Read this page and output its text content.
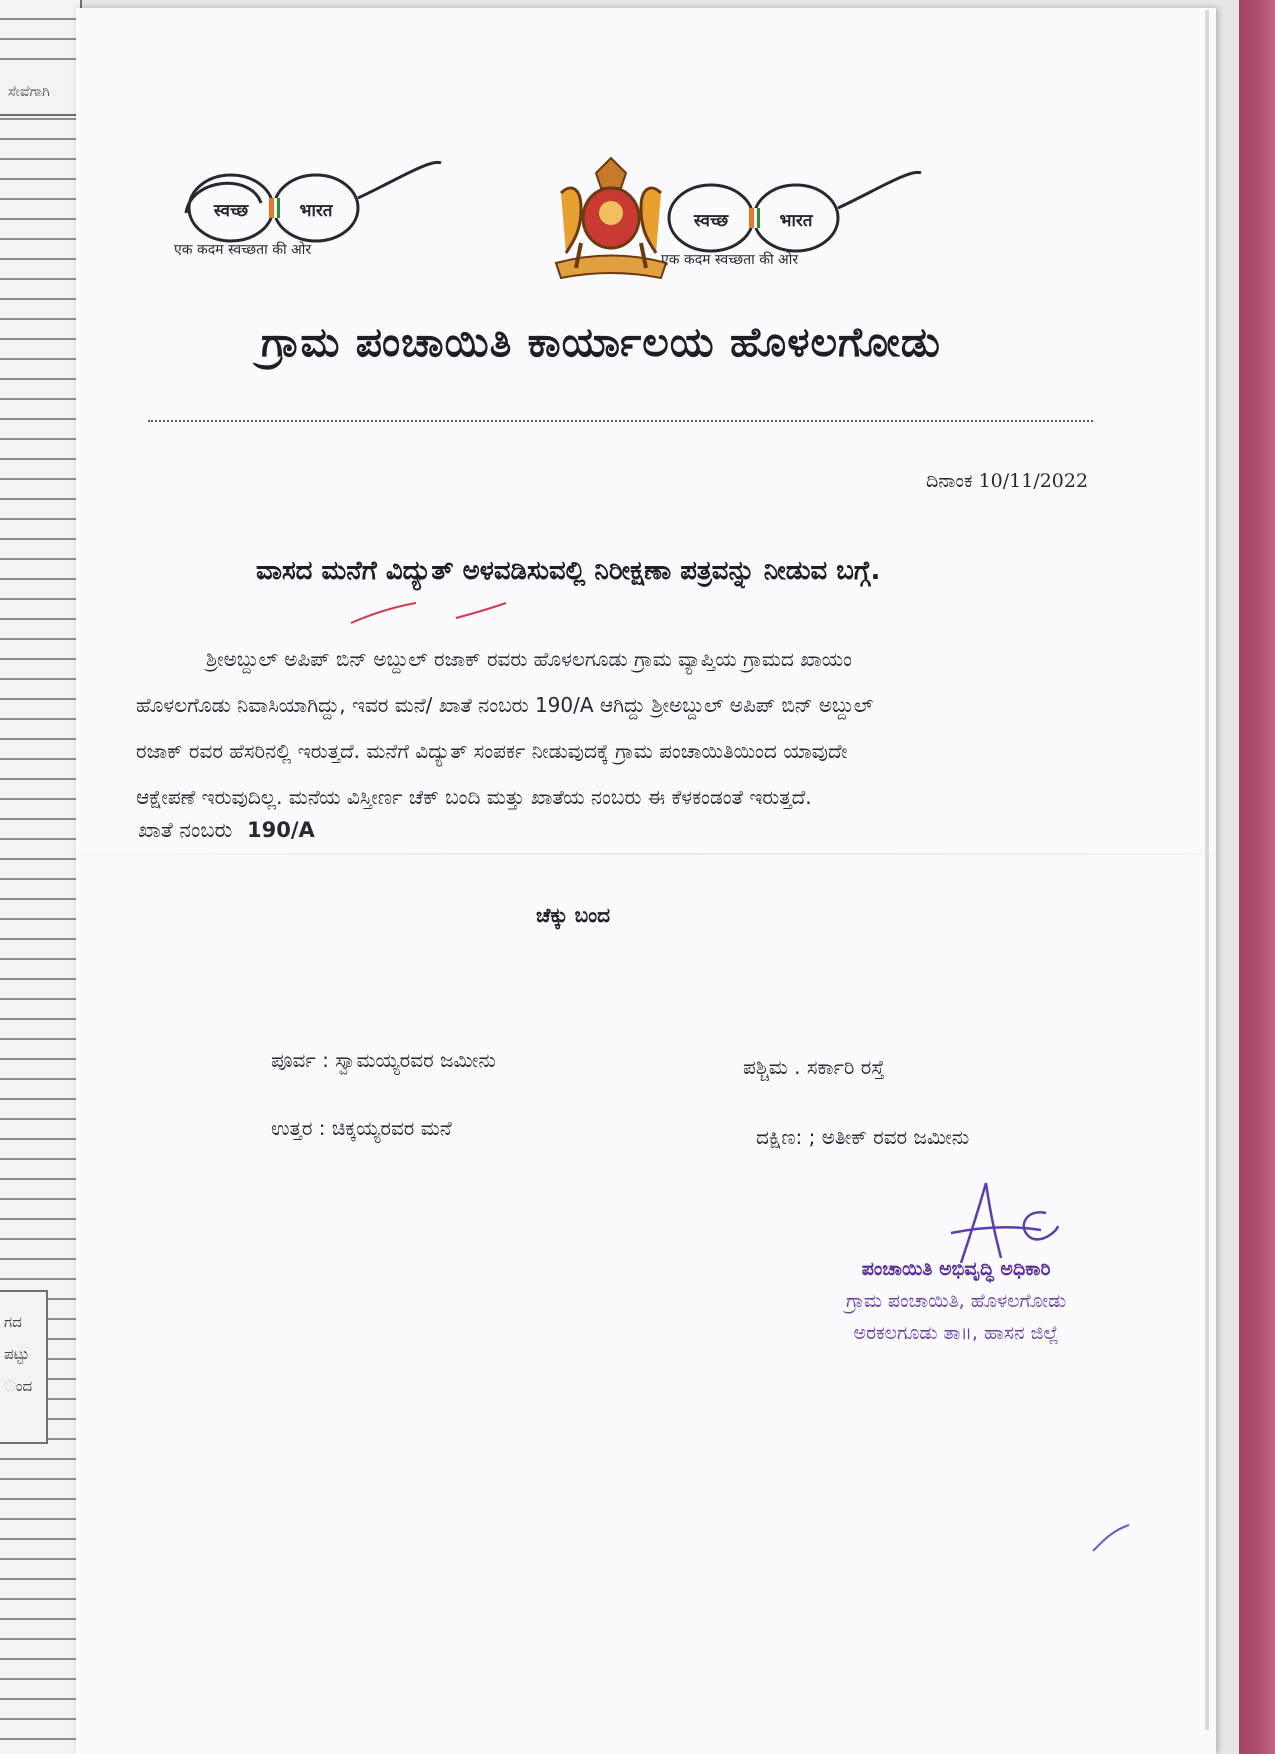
ಸೇವೆಗಾಗಿ
ಗದ
ಪಟ್ಟು
ಂದ
स्वच्छ	भारत
एक कदम स्वच्छता की ओर
स्वच्छ	भारत
एक कदम स्वच्छता की ओर
ಗ್ರಾಮ ಪಂಚಾಯಿತಿ ಕಾರ್ಯಾಲಯ ಹೊಳಲಗೋಡು
ದಿನಾಂಕ 10/11/2022
ವಾಸದ ಮನೆಗೆ ವಿದ್ಯುತ್ ಅಳವಡಿಸುವಲ್ಲಿ ನಿರೀಕ್ಷಣಾ ಪತ್ರವನ್ನು ನೀಡುವ ಬಗ್ಗೆ.

ಶ್ರೀಅಬ್ದುಲ್ ಅಪಿಪ್ ಬಿನ್ ಅಬ್ದುಲ್ ರಜಾಕ್ ರವರು ಹೊಳಲಗೂಡು ಗ್ರಾಮ ವ್ಯಾಪ್ತಿಯ ಗ್ರಾಮದ ಖಾಯಂ

ಹೊಳಲಗೊಡು ನಿವಾಸಿಯಾಗಿದ್ದು, ಇವರ ಮನೆ/ ಖಾತೆ ನಂಬರು 190/A ಆಗಿದ್ದು ಶ್ರೀಅಬ್ದುಲ್ ಅಪಿಪ್ ಬಿನ್ ಅಬ್ದುಲ್

ರಜಾಕ್ ರವರ ಹೆಸರಿನಲ್ಲಿ ಇರುತ್ತದೆ. ಮನೆಗೆ ವಿದ್ಯುತ್ ಸಂಪರ್ಕ ನೀಡುವುದಕ್ಕೆ ಗ್ರಾಮ ಪಂಚಾಯಿತಿಯಿಂದ ಯಾವುದೇ

ಆಕ್ಷೇಪಣೆ ಇರುವುದಿಲ್ಲ. ಮನೆಯ ವಿಸ್ತೀರ್ಣ ಚೆಕ್ ಬಂದಿ ಮತ್ತು ಖಾತೆಯ ನಂಬರು ಈ ಕೆಳಕಂಡಂತೆ ಇರುತ್ತದೆ.

ಖಾತೆ ನಂಬರು 190/A
ಚೆಕ್ಕು ಬಂದ
ಪೂರ್ವ : ಸ್ವಾಮಯ್ಯರವರ ಜಮೀನು	ಪಶ್ಚಿಮ . ಸರ್ಕಾರಿ ರಸ್ತೆ
ಉತ್ತರ : ಚಿಕ್ಕಯ್ಯರವರ ಮನೆ	ದಕ್ಷಿಣ: ; ಅತೀಕ್ ರವರ ಜಮೀನು
ಪಂಚಾಯಿತಿ ಅಭಿವೃದ್ಧಿ ಅಧಿಕಾರಿ
ಗ್ರಾಮ ಪಂಚಾಯಿತಿ, ಹೊಳಲಗೋಡು
ಅರಕಲಗೂಡು ತಾ॥, ಹಾಸನ ಜಿಲ್ಲೆ
